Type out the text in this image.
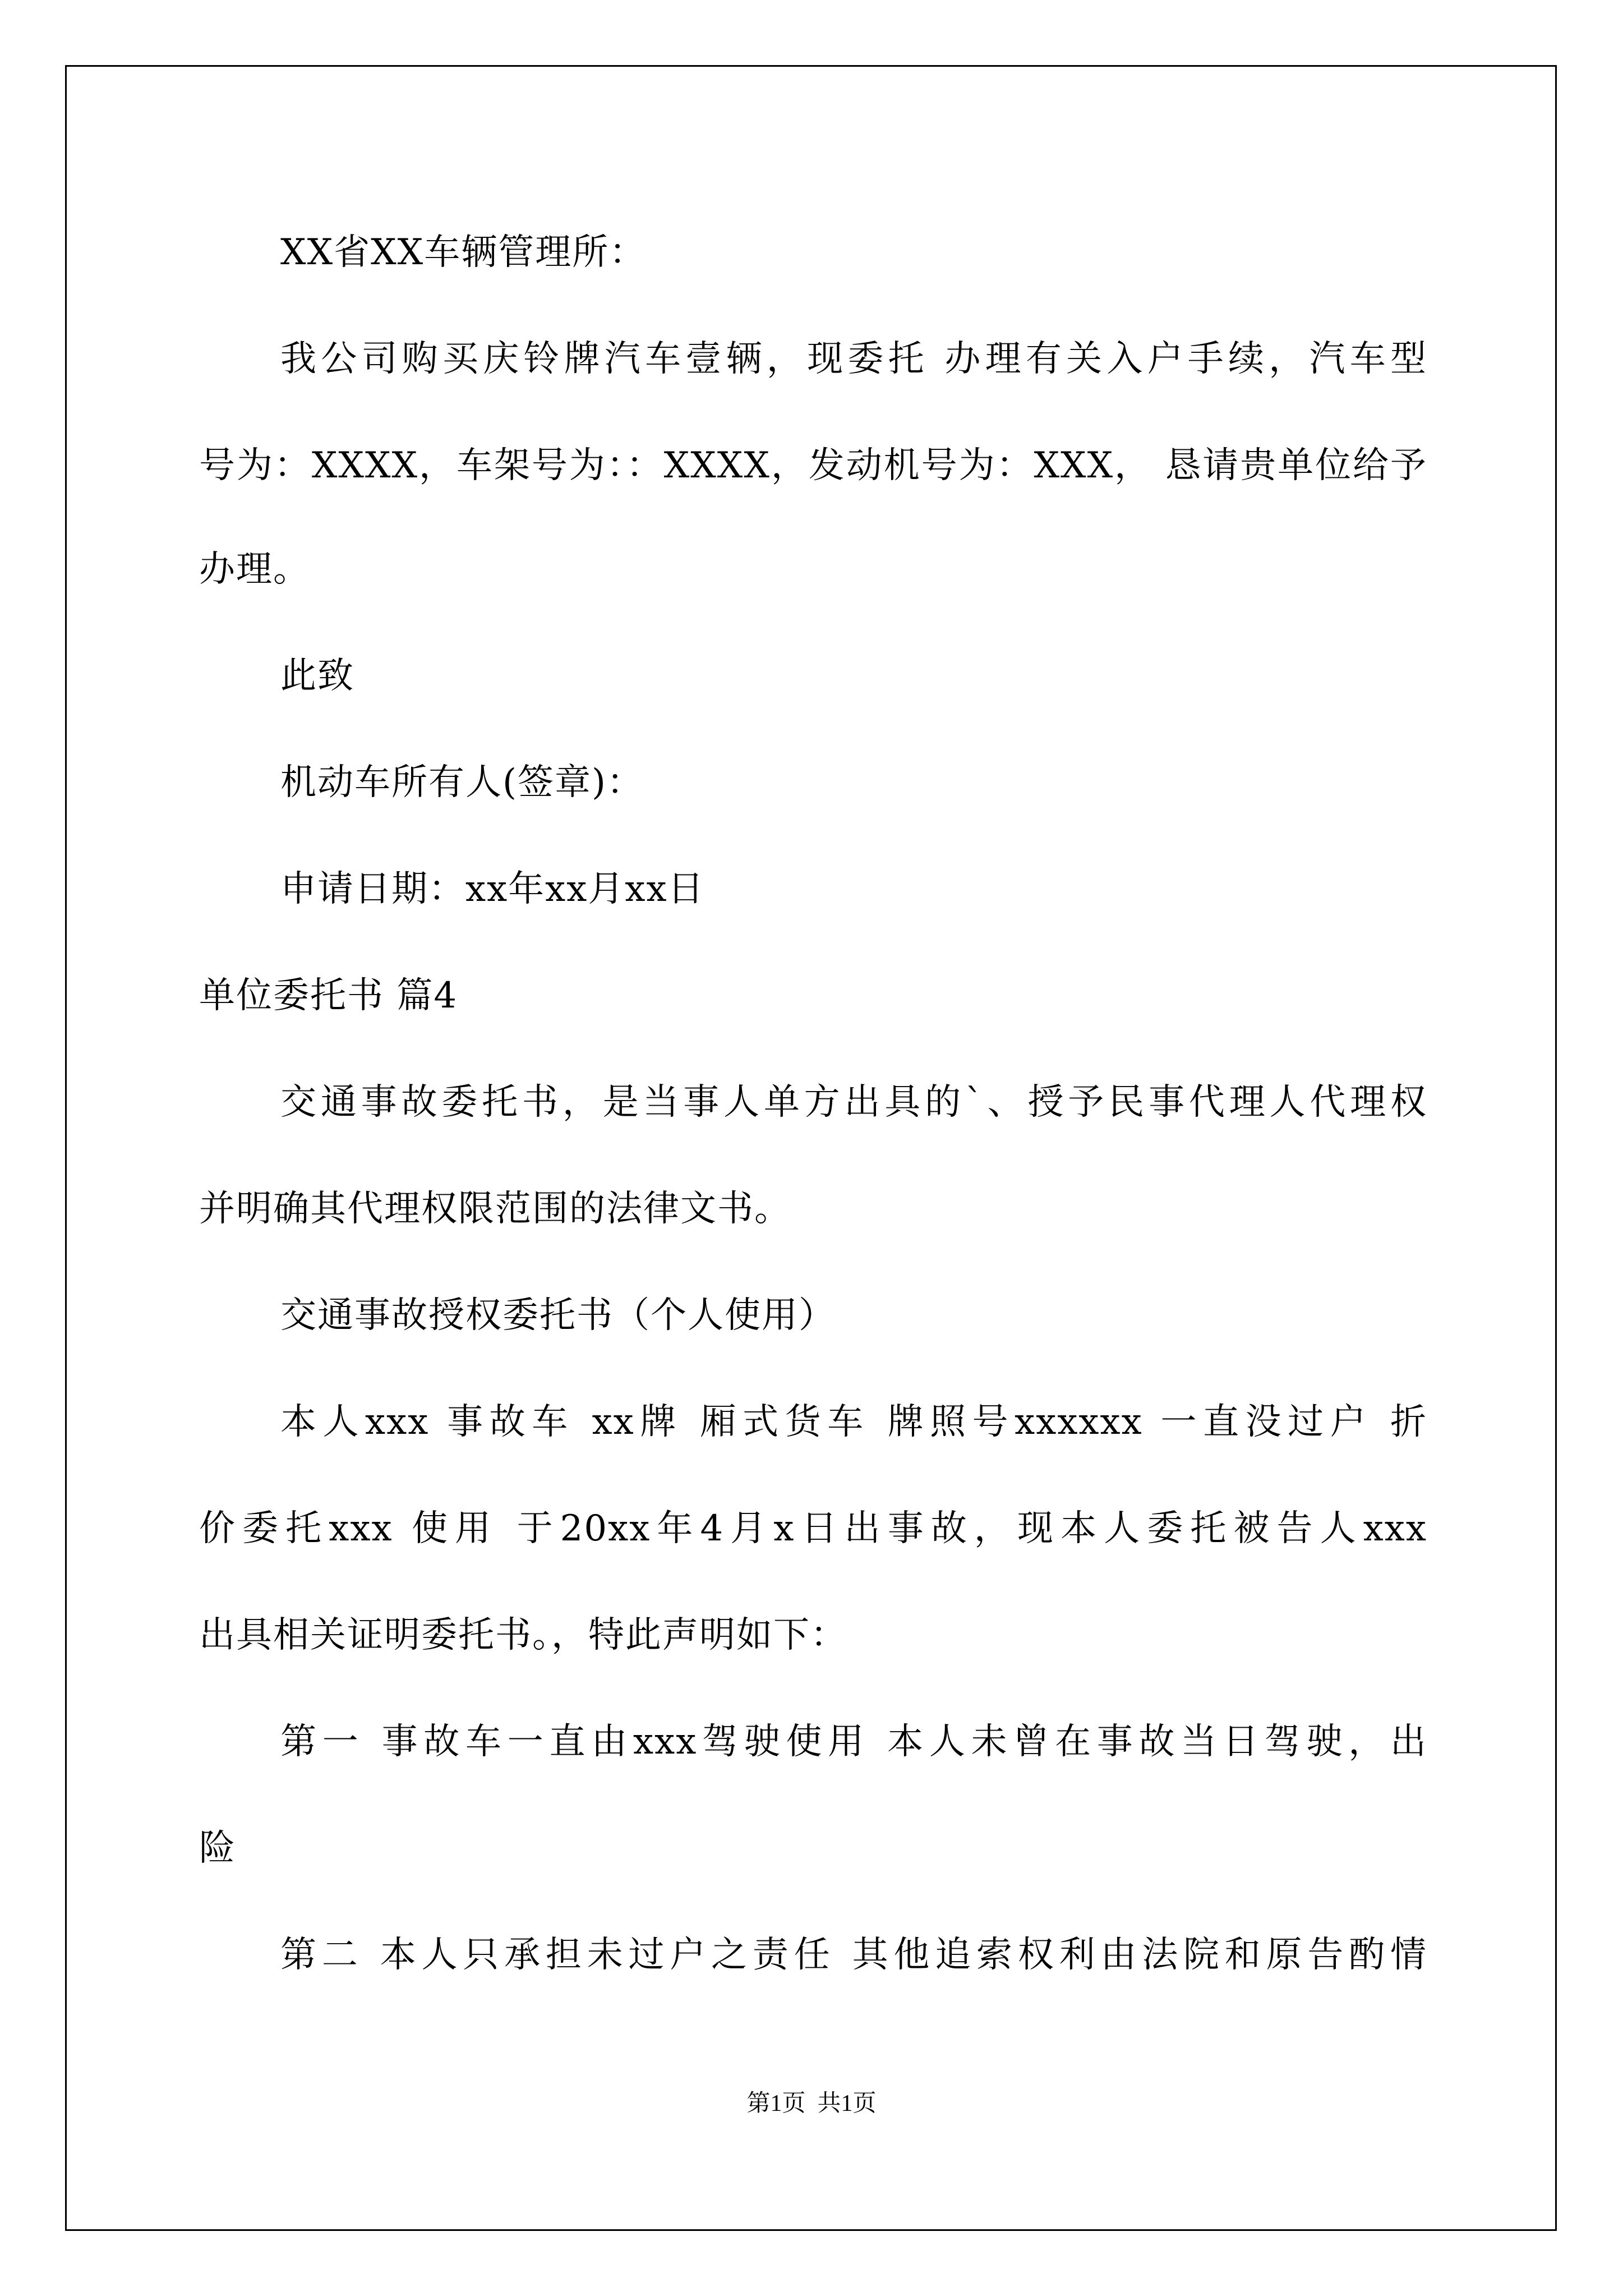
XX省XX车辆管理所：

我公司购买庆铃牌汽车壹辆，现委托 办理有关入户手续，汽车型

号为：XXXX，车架号为：：XXXX，发动机号为：XXX， 恳请贵单位给予

办理。

此致

机动车所有人(签章)：

申请日期：xx年xx月xx日

单位委托书 篇4

交通事故委托书，是当事人单方出具的`、授予民事代理人代理权

并明确其代理权限范围的法律文书。

交通事故授权委托书（个人使用）

本人xxx 事故车 xx牌 厢式货车 牌照号xxxxxx 一直没过户 折

价委托xxx 使用 于20xx年4月x日出事故，现本人委托被告人xxx

出具相关证明委托书。，特此声明如下：

第一 事故车一直由xxx驾驶使用 本人未曾在事故当日驾驶，出

险

第二 本人只承担未过户之责任 其他追索权利由法院和原告酌情

第1页  共1页
